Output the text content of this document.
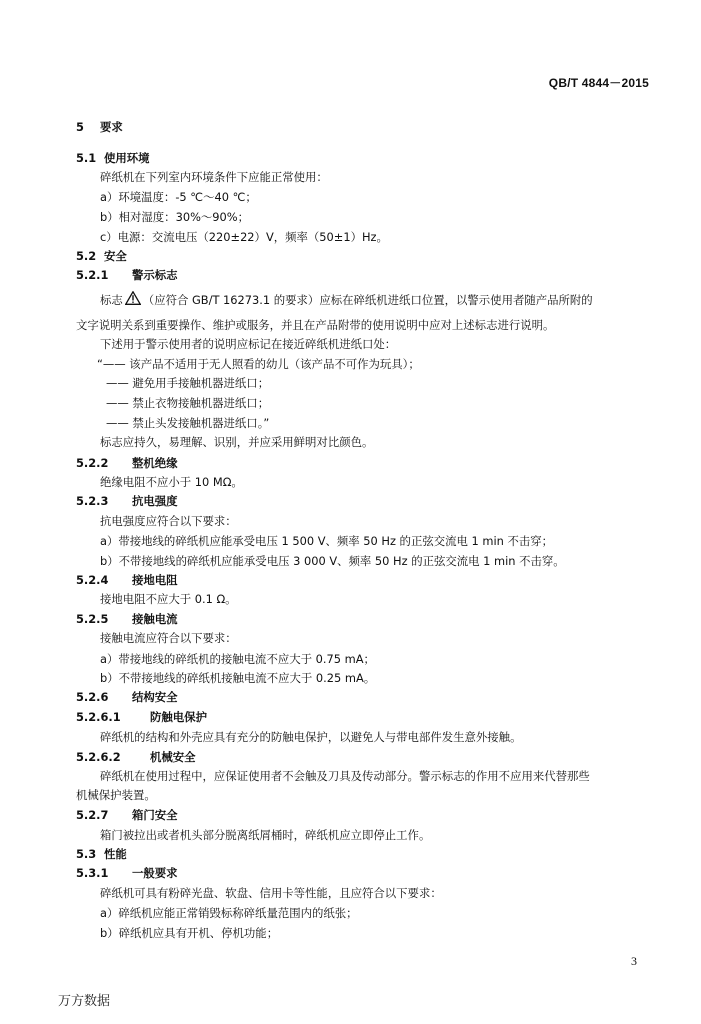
QB/T 4844－2015
5 要求
5.1 使用环境
碎纸机在下列室内环境条件下应能正常使用：
a）环境温度：-5 ℃～40 ℃；
b）相对湿度：30%～90%；
c）电源：交流电压（220±22）V，频率（50±1）Hz。
5.2 安全
5.2.1 警示标志
标志 （应符合 GB/T 16273.1 的要求）应标在碎纸机进纸口位置，以警示使用者随产品所附的
文字说明关系到重要操作、维护或服务，并且在产品附带的使用说明中应对上述标志进行说明。
下述用于警示使用者的说明应标记在接近碎纸机进纸口处：
“—— 该产品不适用于无人照看的幼儿（该产品不可作为玩具）；
—— 避免用手接触机器进纸口；
—— 禁止衣物接触机器进纸口；
—— 禁止头发接触机器进纸口。”
标志应持久，易理解、识别，并应采用鲜明对比颜色。
5.2.2 整机绝缘
绝缘电阻不应小于 10 MΩ。
5.2.3 抗电强度
抗电强度应符合以下要求：
a）带接地线的碎纸机应能承受电压 1 500 V、频率 50 Hz 的正弦交流电 1 min 不击穿；
b）不带接地线的碎纸机应能承受电压 3 000 V、频率 50 Hz 的正弦交流电 1 min 不击穿。
5.2.4 接地电阻
接地电阻不应大于 0.1 Ω。
5.2.5 接触电流
接触电流应符合以下要求：
a）带接地线的碎纸机的接触电流不应大于 0.75 mA；
b）不带接地线的碎纸机接触电流不应大于 0.25 mA。
5.2.6 结构安全
5.2.6.1	防触电保护
碎纸机的结构和外壳应具有充分的防触电保护，以避免人与带电部件发生意外接触。
5.2.6.2	机械安全
碎纸机在使用过程中，应保证使用者不会触及刀具及传动部分。警示标志的作用不应用来代替那些
机械保护装置。
5.2.7 箱门安全
箱门被拉出或者机头部分脱离纸屑桶时，碎纸机应立即停止工作。
5.3 性能
5.3.1 一般要求
碎纸机可具有粉碎光盘、软盘、信用卡等性能，且应符合以下要求：
a）碎纸机应能正常销毁标称碎纸量范围内的纸张；
b）碎纸机应具有开机、停机功能；
3
万方数据
